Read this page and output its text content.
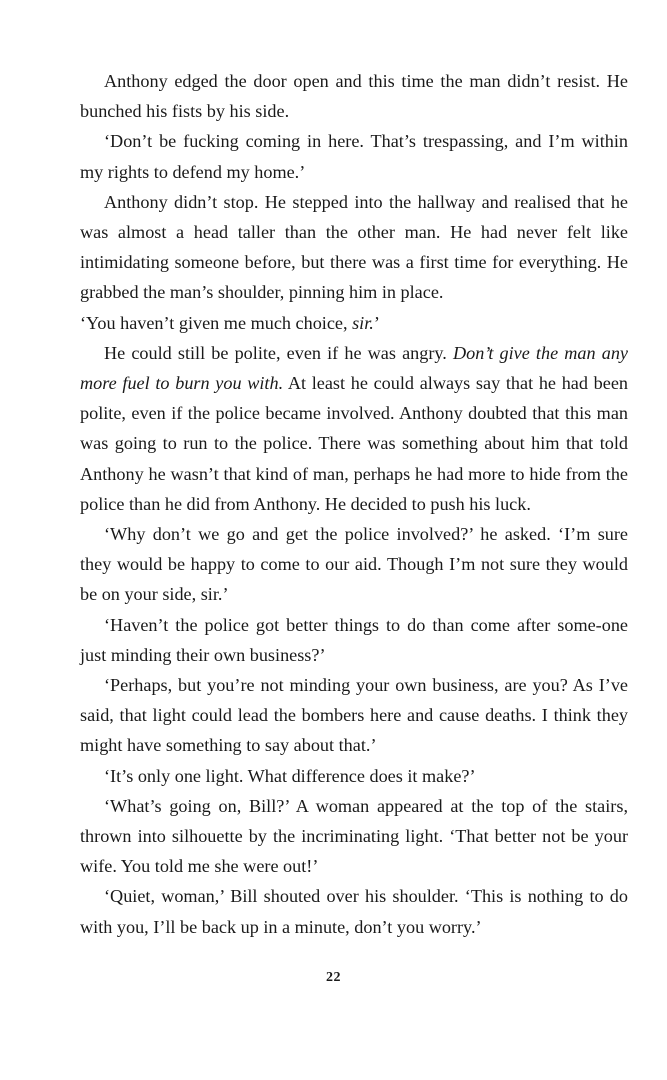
Anthony edged the door open and this time the man didn’t resist. He bunched his fists by his side.

‘Don’t be fucking coming in here. That’s trespassing, and I’m within my rights to defend my home.’

Anthony didn’t stop. He stepped into the hallway and realised that he was almost a head taller than the other man. He had never felt like intimidating someone before, but there was a first time for everything. He grabbed the man’s shoulder, pinning him in place.

‘You haven’t given me much choice, sir.’

He could still be polite, even if he was angry. Don’t give the man any more fuel to burn you with. At least he could always say that he had been polite, even if the police became involved. Anthony doubted that this man was going to run to the police. There was something about him that told Anthony he wasn’t that kind of man, perhaps he had more to hide from the police than he did from Anthony. He decided to push his luck.

‘Why don’t we go and get the police involved?’ he asked. ‘I’m sure they would be happy to come to our aid. Though I’m not sure they would be on your side, sir.’

‘Haven’t the police got better things to do than come after some-one just minding their own business?’

‘Perhaps, but you’re not minding your own business, are you? As I’ve said, that light could lead the bombers here and cause deaths. I think they might have something to say about that.’

‘It’s only one light. What difference does it make?’

‘What’s going on, Bill?’ A woman appeared at the top of the stairs, thrown into silhouette by the incriminating light. ‘That better not be your wife. You told me she were out!’

‘Quiet, woman,’ Bill shouted over his shoulder. ‘This is nothing to do with you, I’ll be back up in a minute, don’t you worry.’

22
